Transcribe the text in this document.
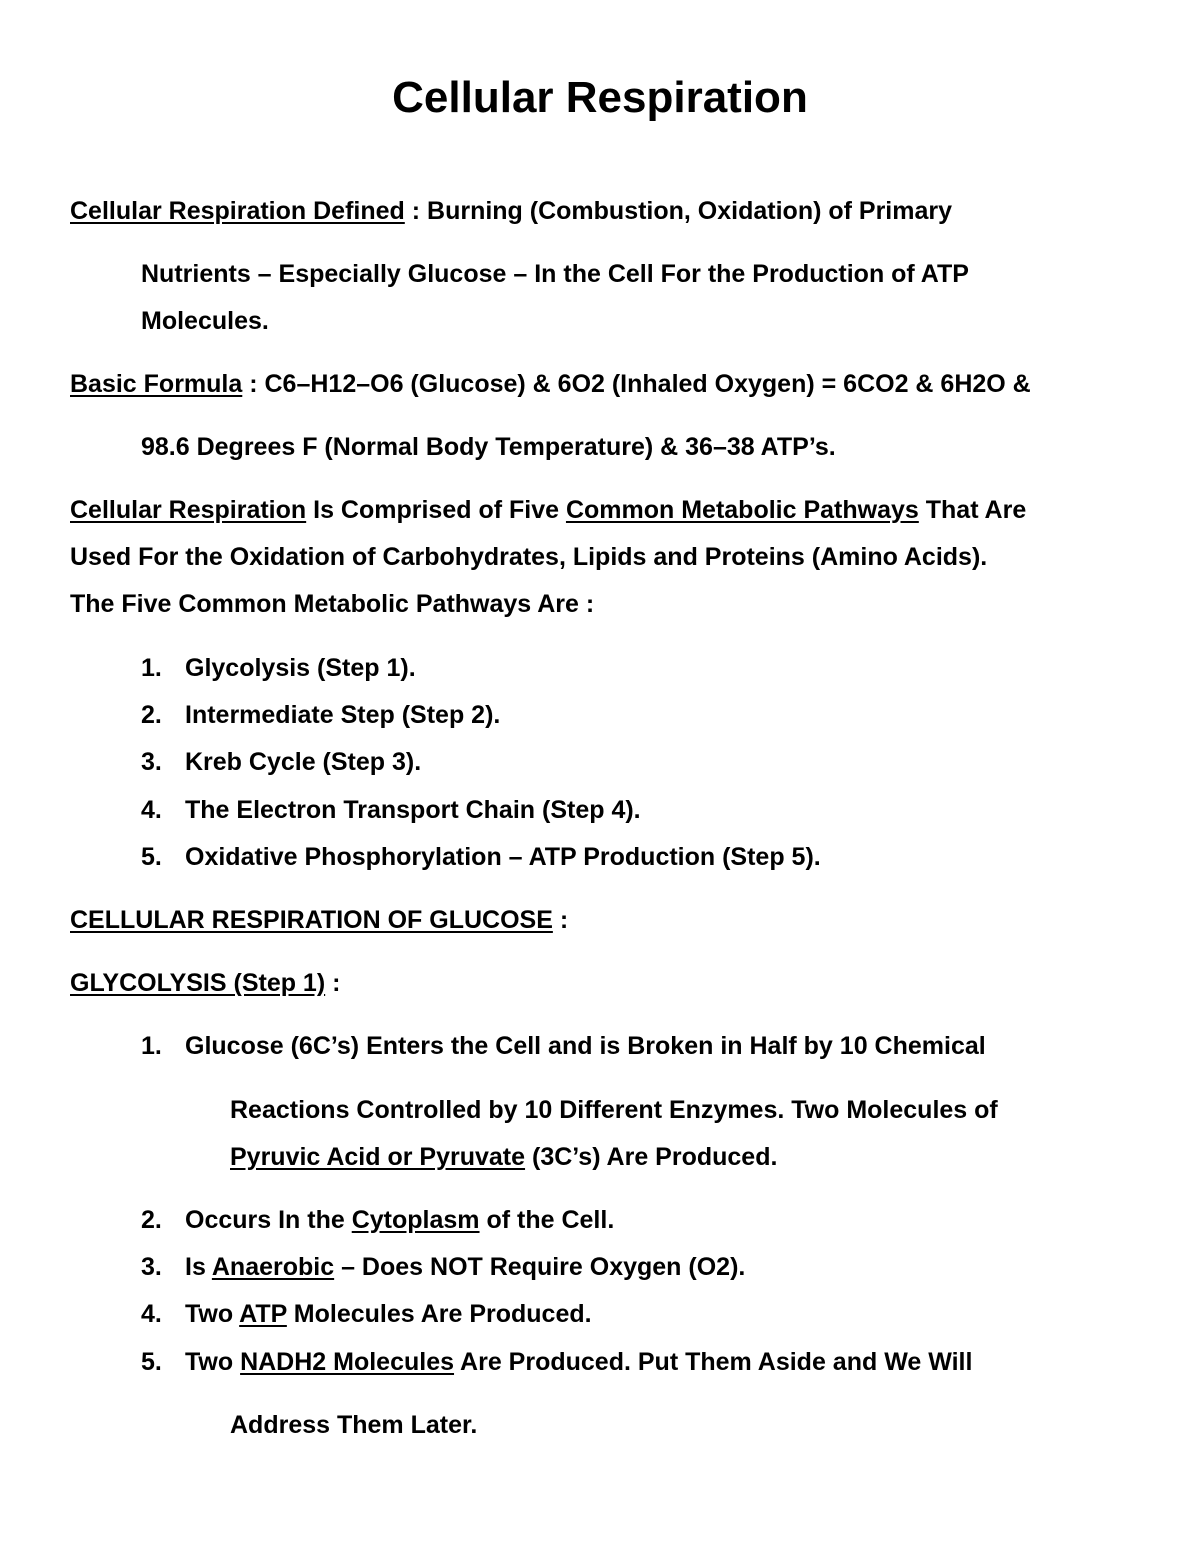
Cellular Respiration
Cellular Respiration Defined : Burning (Combustion, Oxidation) of Primary
Nutrients – Especially Glucose – In the Cell For the Production of ATP
Molecules.
Basic Formula : C6–H12–O6 (Glucose) & 6O2 (Inhaled Oxygen) = 6CO2 & 6H2O &
98.6 Degrees F (Normal Body Temperature) & 36–38 ATP’s.
Cellular Respiration Is Comprised of Five Common Metabolic Pathways That Are
Used For the Oxidation of Carbohydrates, Lipids and Proteins (Amino Acids).
The Five Common Metabolic Pathways Are :
1. Glycolysis (Step 1).
2. Intermediate Step (Step 2).
3. Kreb Cycle (Step 3).
4. The Electron Transport Chain (Step 4).
5. Oxidative Phosphorylation – ATP Production (Step 5).
CELLULAR RESPIRATION OF GLUCOSE :
GLYCOLYSIS (Step 1) :
1. Glucose (6C’s) Enters the Cell and is Broken in Half by 10 Chemical
Reactions Controlled by 10 Different Enzymes. Two Molecules of
Pyruvic Acid or Pyruvate (3C’s) Are Produced.
2. Occurs In the Cytoplasm of the Cell.
3. Is Anaerobic – Does NOT Require Oxygen (O2).
4. Two ATP Molecules Are Produced.
5. Two NADH2 Molecules Are Produced. Put Them Aside and We Will
Address Them Later.
